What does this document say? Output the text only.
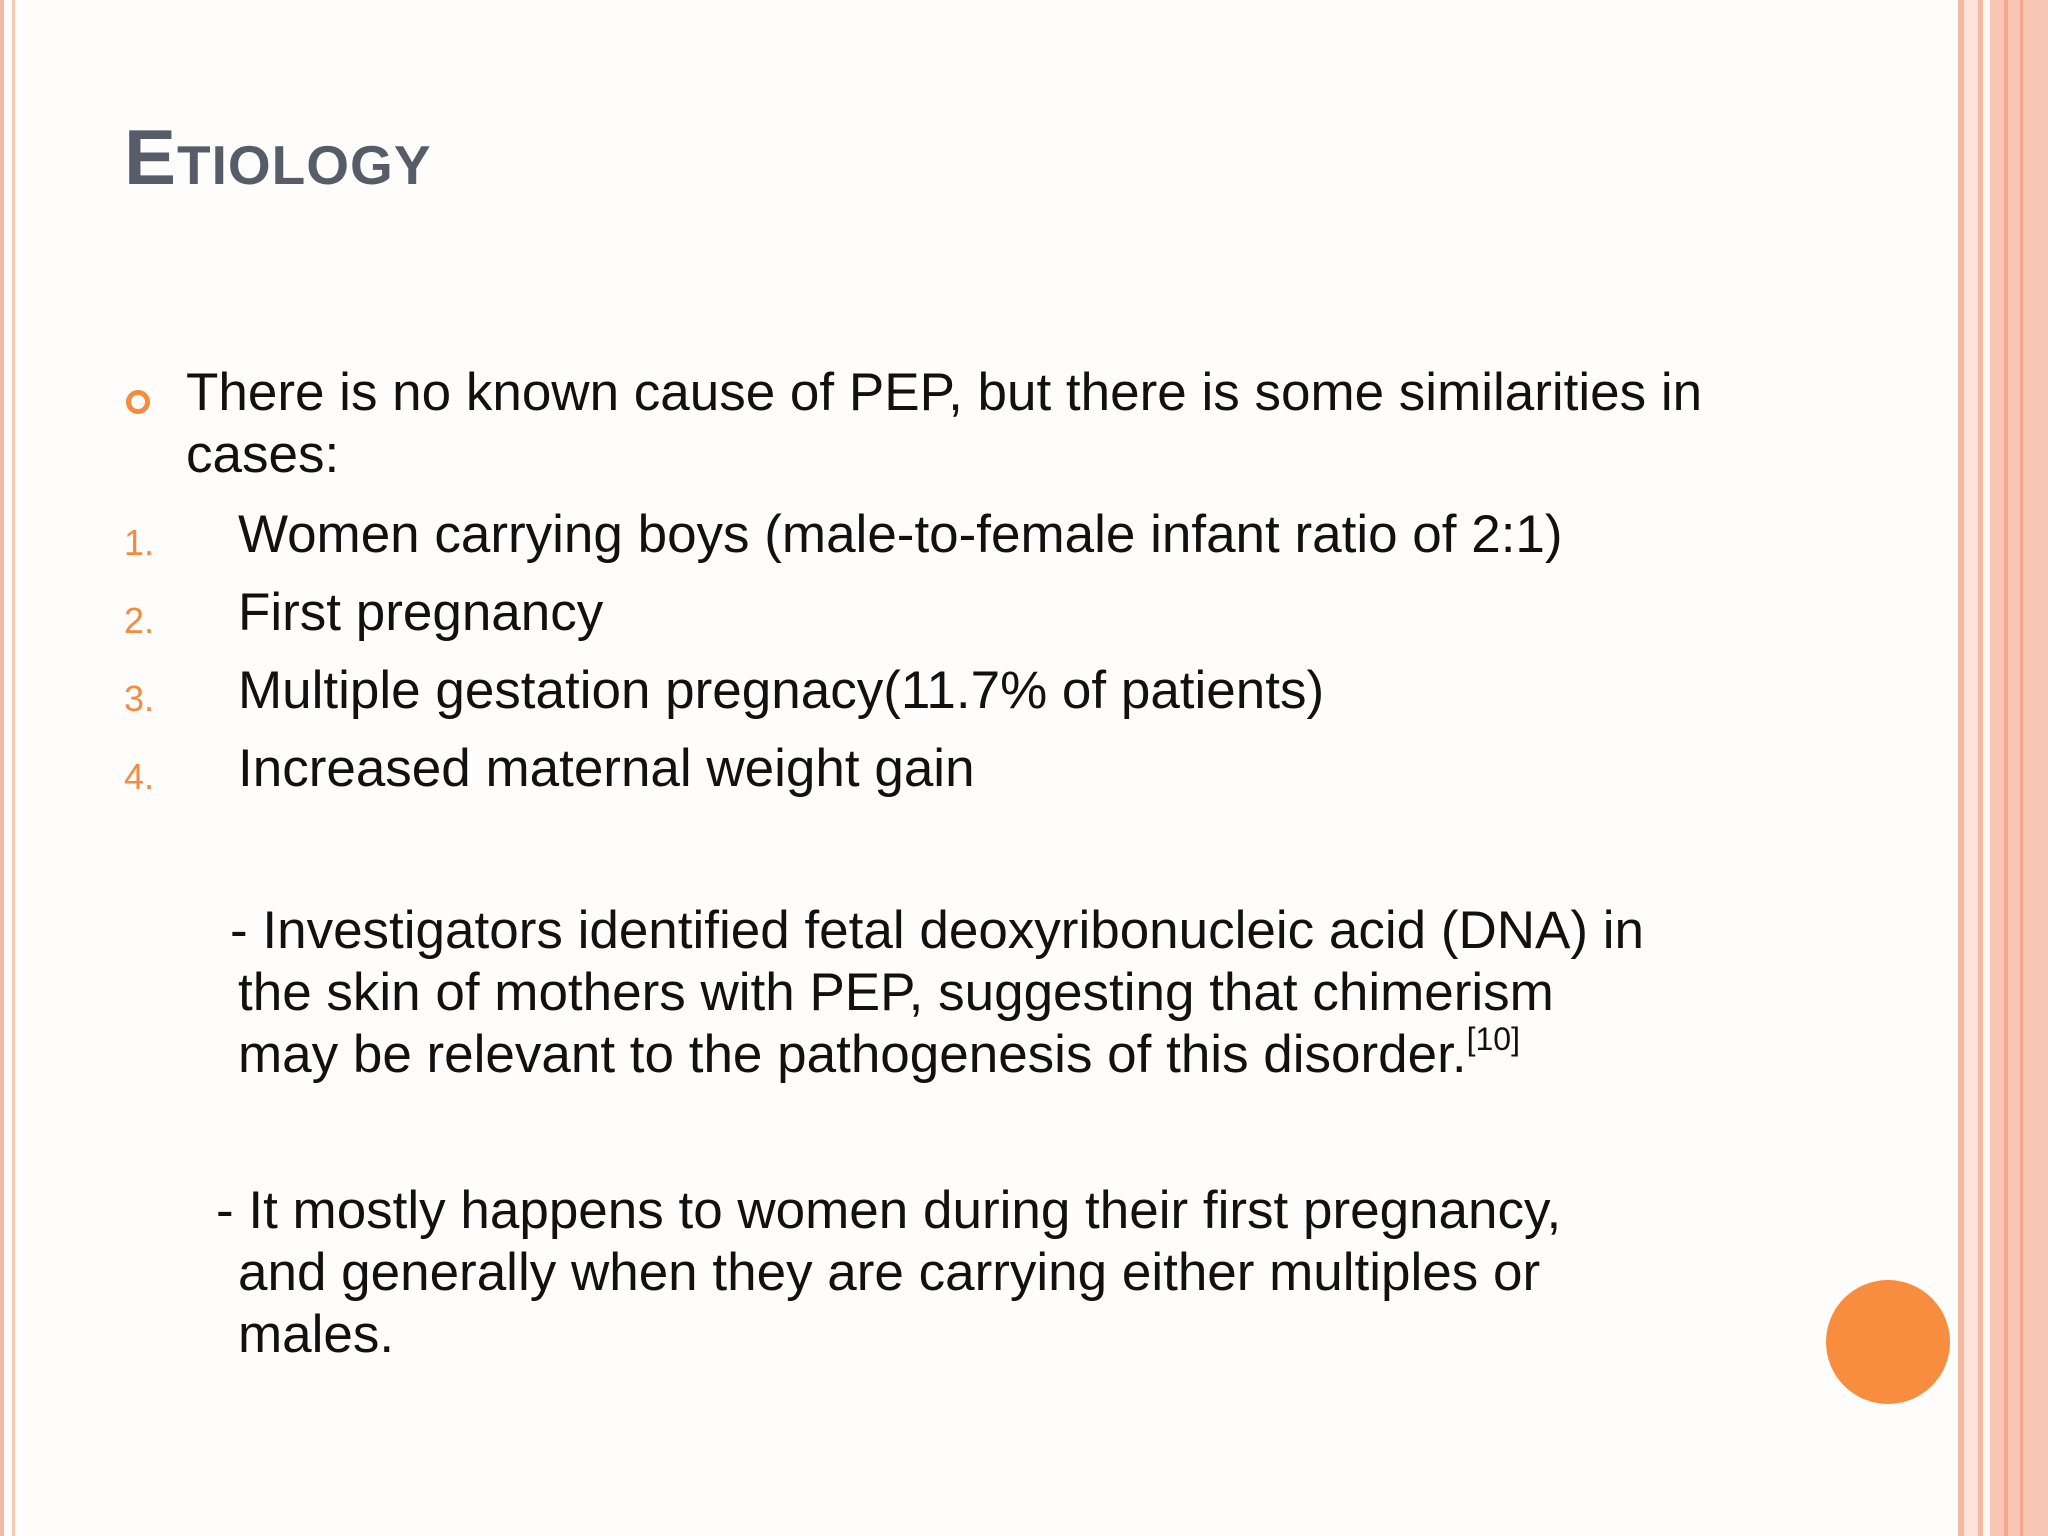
Etiology
There is no known cause of PEP, but there is some similarities in cases:
1. Women carrying boys (male-to-female infant ratio of 2:1)
2. First pregnancy
3. Multiple gestation pregnacy(11.7% of patients)
4. Increased maternal weight gain
- Investigators identified fetal deoxyribonucleic acid (DNA) in
the skin of mothers with PEP, suggesting that chimerism
may be relevant to the pathogenesis of this disorder.[10]
- It mostly happens to women during their first pregnancy,
and generally when they are carrying either multiples or
males.
